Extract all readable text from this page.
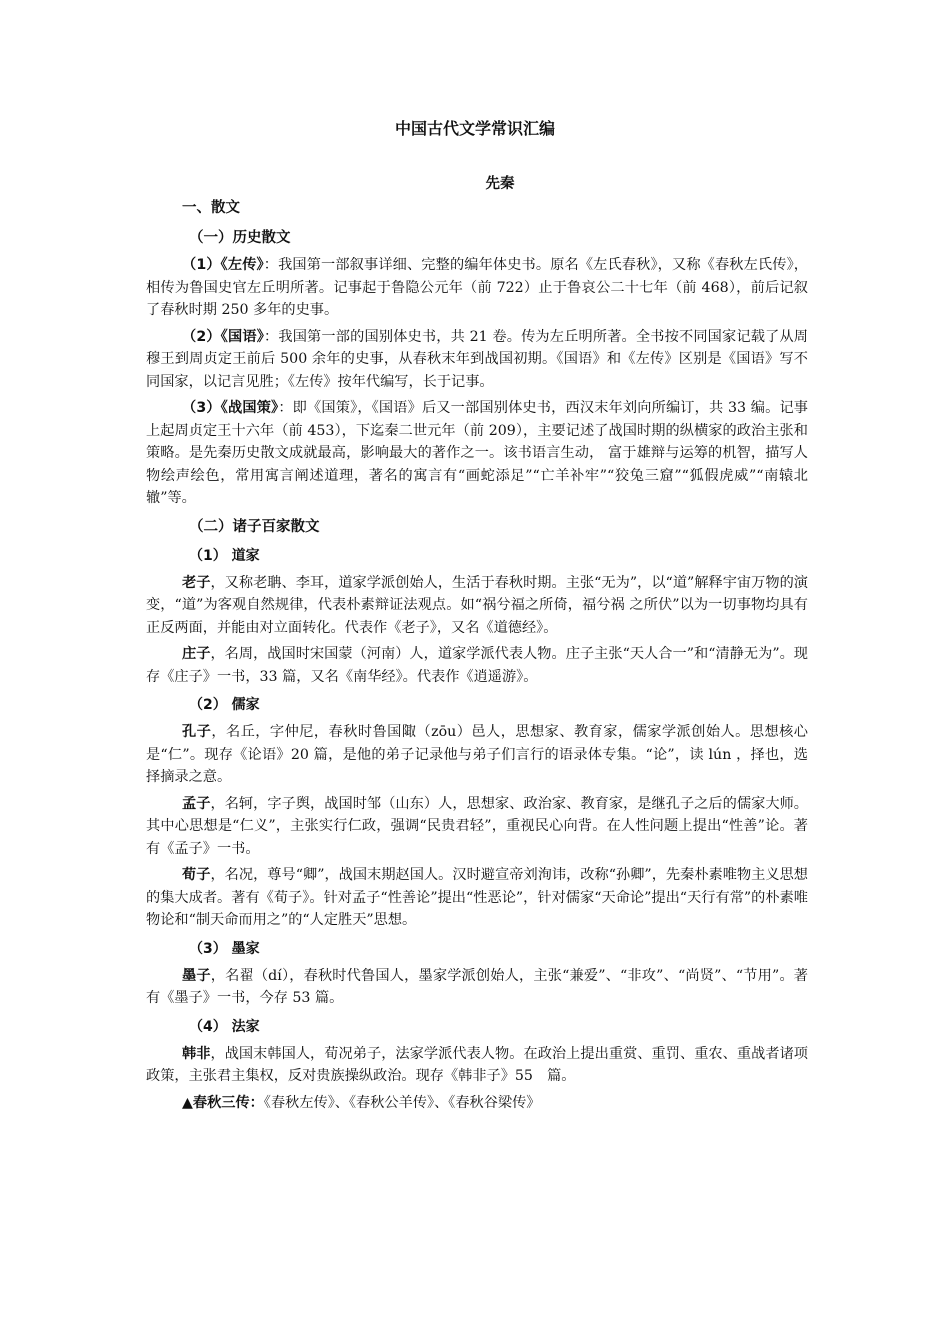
中国古代文学常识汇编
先秦
一、散文
（一）历史散文
（1）《左传》：我国第一部叙事详细、完整的编年体史书。原名《左氏春秋》，又称《春秋左氏传》，相传为鲁国史官左丘明所著。记事起于鲁隐公元年（前 722）止于鲁哀公二十七年（前 468），前后记叙了春秋时期 250 多年的史事。
（2）《国语》：我国第一部的国别体史书，共 21 卷。传为左丘明所著。全书按不同国家记载了从周穆王到周贞定王前后 500 余年的史事，从春秋末年到战国初期。《国语》和《左传》区别是《国语》写不同国家，以记言见胜；《左传》按年代编写，长于记事。
（3）《战国策》：即《国策》，《国语》后又一部国别体史书，西汉末年刘向所编订，共 33 编。记事上起周贞定王十六年（前 453），下迄秦二世元年（前 209），主要记述了战国时期的纵横家的政治主张和策略。是先秦历史散文成就最高，影响最大的著作之一。该书语言生动， 富于雄辩与运筹的机智，描写人物绘声绘色，常用寓言阐述道理，著名的寓言有“画蛇添足”“亡羊补牢”“狡兔三窟”“狐假虎威”“南辕北辙”等。
（二）诸子百家散文
（1） 道家
老子，又称老聃、李耳，道家学派创始人，生活于春秋时期。主张“无为”，以“道”解释宇宙万物的演变，“道”为客观自然规律，代表朴素辩证法观点。如“祸兮福之所倚，福兮祸 之所伏”以为一切事物均具有正反两面，并能由对立面转化。代表作《老子》，又名《道德经》。
庄子，名周，战国时宋国蒙（河南）人，道家学派代表人物。庄子主张“天人合一”和“清静无为”。现存《庄子》一书，33 篇，又名《南华经》。代表作《逍遥游》。
（2） 儒家
孔子，名丘，字仲尼，春秋时鲁国陬（zōu）邑人，思想家、教育家，儒家学派创始人。思想核心是“仁”。现存《论语》20 篇，是他的弟子记录他与弟子们言行的语录体专集。“论”，读 lún ，择也，选择摘录之意。
孟子，名轲，字子舆，战国时邹（山东）人，思想家、政治家、教育家，是继孔子之后的儒家大师。其中心思想是“仁义”，主张实行仁政，强调“民贵君轻”，重视民心向背。在人性问题上提出“性善”论。著有《孟子》一书。
荀子，名况，尊号“卿”，战国末期赵国人。汉时避宣帝刘洵讳，改称“孙卿”，先秦朴素唯物主义思想的集大成者。著有《荀子》。针对孟子“性善论”提出“性恶论”，针对儒家“天命论”提出“天行有常”的朴素唯物论和“制天命而用之”的“人定胜天”思想。
（3） 墨家
墨子，名翟（dí），春秋时代鲁国人，墨家学派创始人，主张“兼爱”、“非攻”、“尚贤”、“节用”。著有《墨子》一书，今存 53 篇。
（4） 法家
韩非，战国末韩国人，荀况弟子，法家学派代表人物。在政治上提出重赏、重罚、重农、重战者诸项政策，主张君主集权，反对贵族操纵政治。现存《韩非子》55　篇。
▲春秋三传：《春秋左传》、《春秋公羊传》、《春秋谷梁传》
